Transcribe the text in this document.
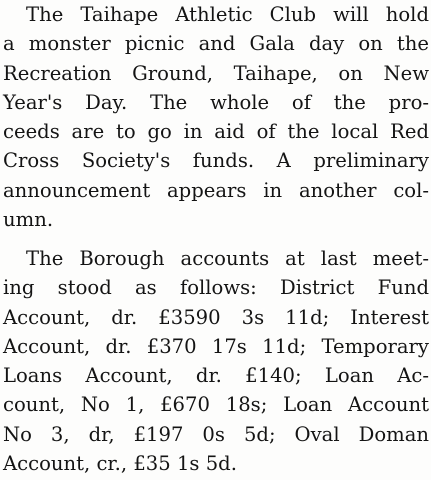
The Taihape Athletic Club will hold
a monster picnic and Gala day on the
Recreation Ground, Taihape, on New
Year's Day. The whole of the pro-
ceeds are to go in aid of the local Red
Cross Society's funds. A preliminary
announcement appears in another col-
umn.

The Borough accounts at last meet-
ing stood as follows: District Fund
Account, dr. £3590 3s 11d; Interest
Account, dr. £370 17s 11d; Temporary
Loans Account, dr. £140; Loan Ac-
count, No 1, £670 18s; Loan Account
No 3, dr, £197 0s 5d; Oval Doman
Account, cr., £35 1s 5d.
